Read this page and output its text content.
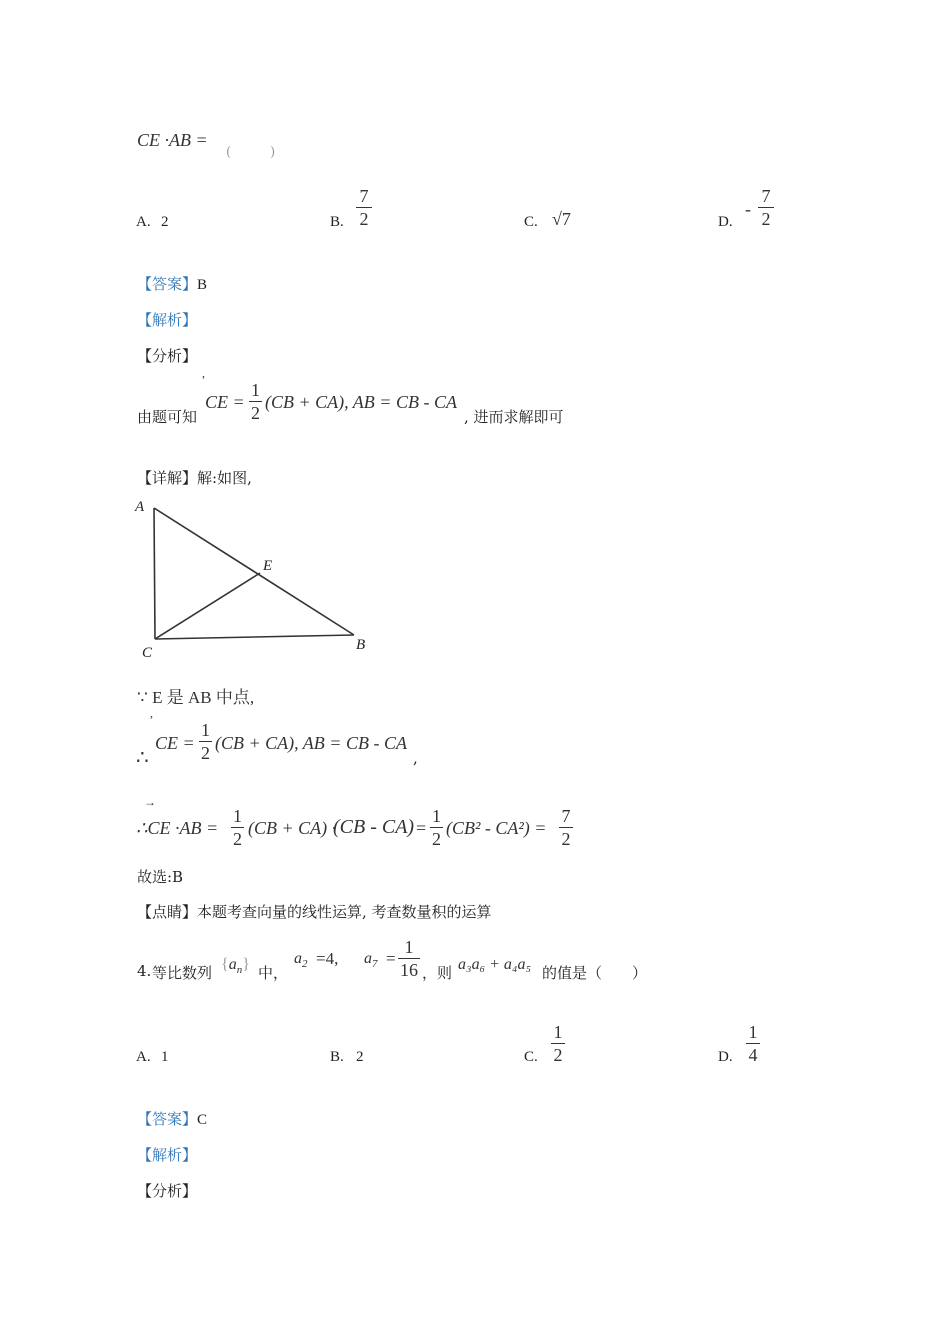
CE ·AB =
(　　　)
A. 2	B.
7
2	C. √7	D.
-
7
2
【答案】B
【解析】
【分析】
,
由题可知
CE =
1
2
(CB + CA), AB = CB - CA
, 进而求解即可
【详解】解:如图,
A
E
C	B
∵ E 是 AB 中点,
,
∴
CE =
1
2 (CB + CA), AB = CB - CA
,
→
∴CE ·AB =
1
2
(CB + CA) ·
(CB - CA) =
1
2
(CB² - CA²) =
7
2
故选:B
【点睛】本题考查向量的线性运算, 考查数量积的运算
4. 等比数列 $\{a_n\}$ 中，
$a_2 =4$, $a_7$ =
1
16 ，则 a₃a₆ + a₄a₅ 的值是（　　）
A. 1	B. 2	C.
1
2	D.
1
4
【答案】C
【解析】
【分析】
